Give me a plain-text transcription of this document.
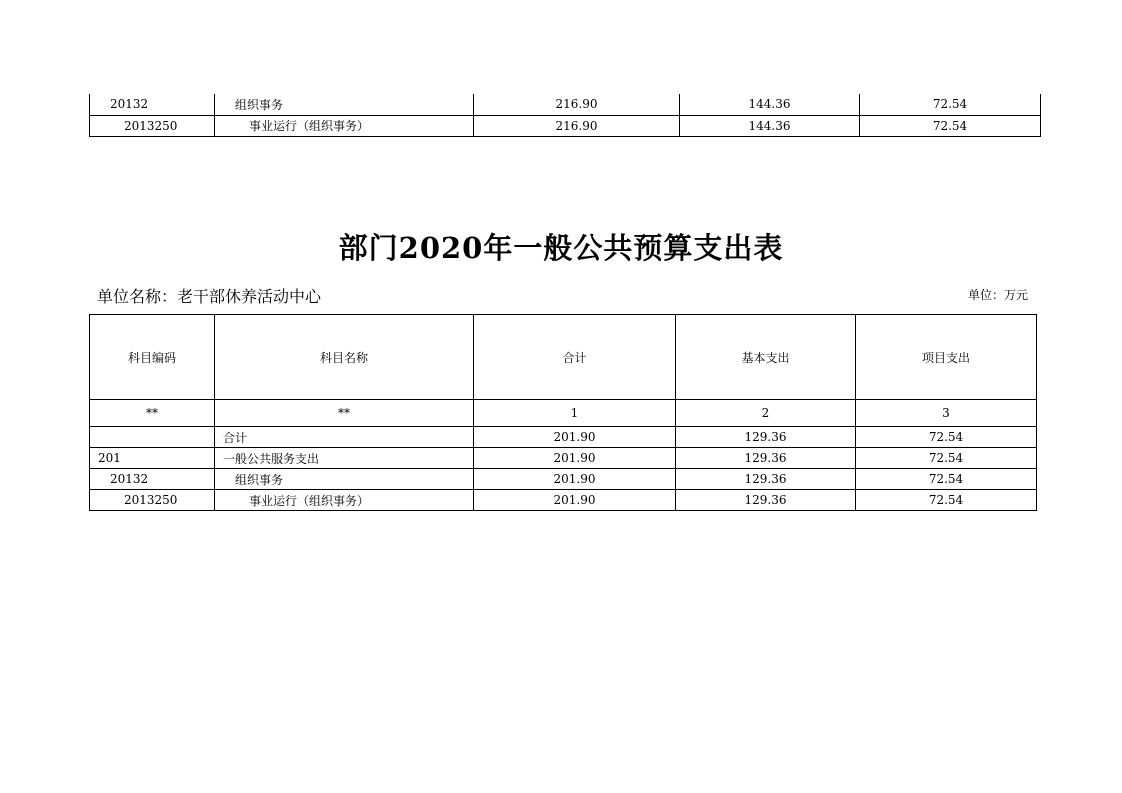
20132	组织事务	216.90	144.36	72.54
2013250	事业运行（组织事务）	216.90	144.36	72.54
部门2020年一般公共预算支出表
单位名称：老干部休养活动中心	单位：万元
科目编码	科目名称	合计	基本支出	项目支出
**	**	1	2	3
	合计	201.90	129.36	72.54
201	一般公共服务支出	201.90	129.36	72.54
20132	组织事务	201.90	129.36	72.54
2013250	事业运行（组织事务）	201.90	129.36	72.54
